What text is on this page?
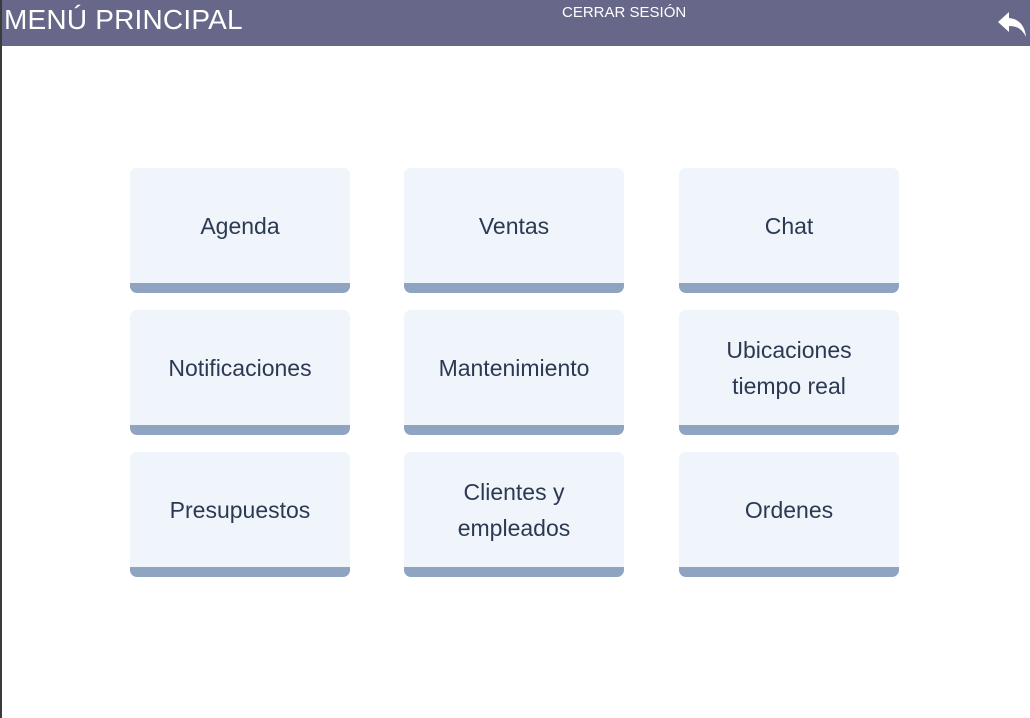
MENÚ PRINCIPAL	CERRAR SESIÓN
Agenda	Ventas	Chat
Notificaciones	Mantenimiento
Ubicaciones
tiempo real
Presupuestos
Clientes y
empleados
Ordenes
